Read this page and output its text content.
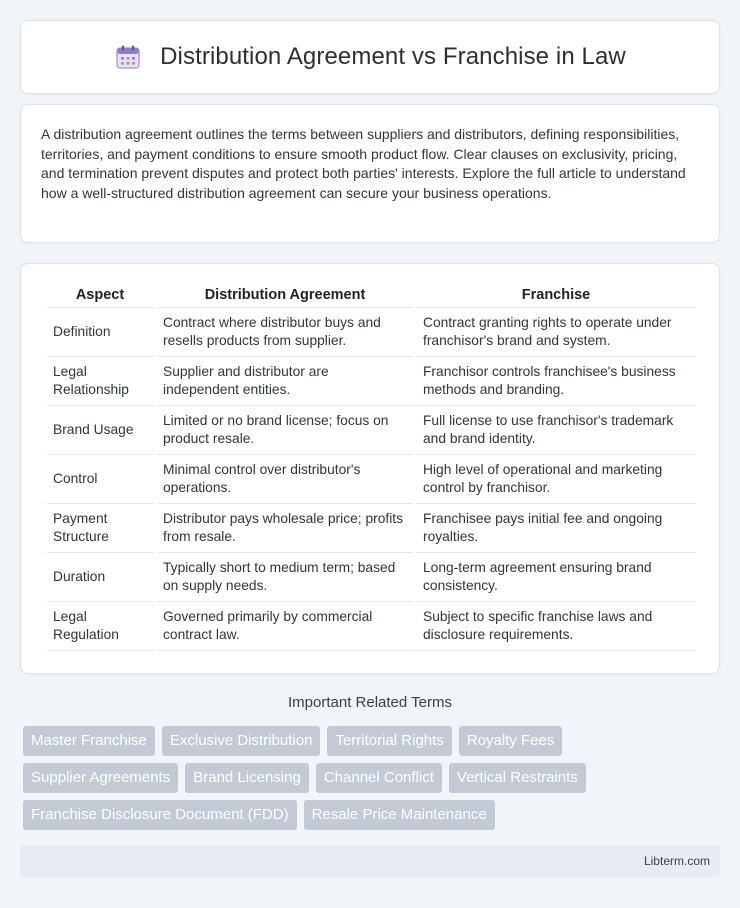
Distribution Agreement vs Franchise in Law

A distribution agreement outlines the terms between suppliers and distributors, defining responsibilities, territories, and payment conditions to ensure smooth product flow. Clear clauses on exclusivity, pricing, and termination prevent disputes and protect both parties' interests. Explore the full article to understand how a well-structured distribution agreement can secure your business operations.

Aspect	Distribution Agreement	Franchise
Definition	Contract where distributor buys and resells products from supplier.	Contract granting rights to operate under franchisor's brand and system.
Legal Relationship	Supplier and distributor are independent entities.	Franchisor controls franchisee's business methods and branding.
Brand Usage	Limited or no brand license; focus on product resale.	Full license to use franchisor's trademark and brand identity.
Control	Minimal control over distributor's operations.	High level of operational and marketing control by franchisor.
Payment Structure	Distributor pays wholesale price; profits from resale.	Franchisee pays initial fee and ongoing royalties.
Duration	Typically short to medium term; based on supply needs.	Long-term agreement ensuring brand consistency.
Legal Regulation	Governed primarily by commercial contract law.	Subject to specific franchise laws and disclosure requirements.
Important Related Terms
Master Franchise	Exclusive Distribution	Territorial Rights	Royalty Fees
Supplier Agreements	Brand Licensing	Channel Conflict	Vertical Restraints
Franchise Disclosure Document (FDD)	Resale Price Maintenance
Libterm.com
